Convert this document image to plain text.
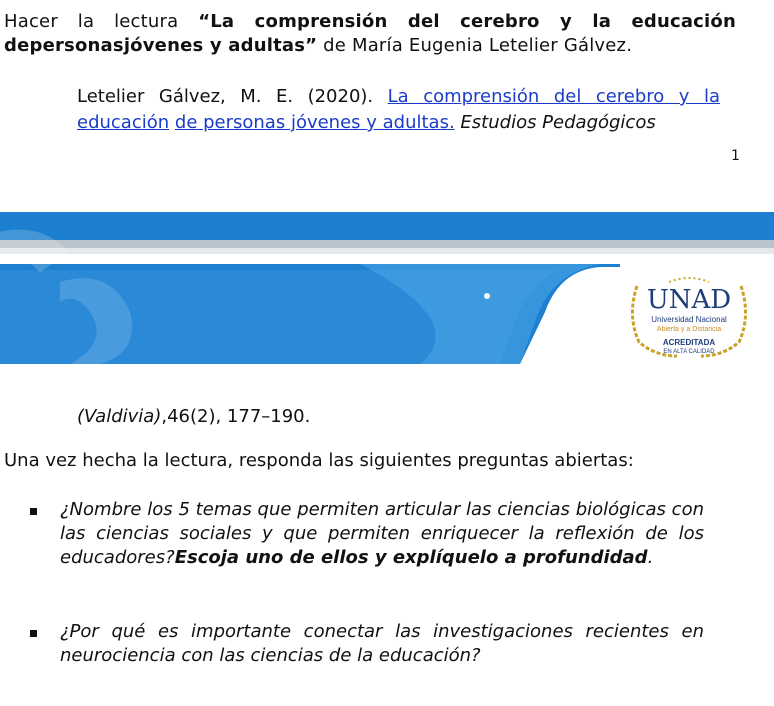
Hacer la lectura “La comprensión del cerebro y la educación depersonasjóvenes y adultas” de María Eugenia Letelier Gálvez.
Letelier Gálvez, M. E. (2020). La comprensión del cerebro y la educación de personas jóvenes y adultas. Estudios Pedagógicos
1
UNAD
Universidad Nacional
Abierta y a Distancia
ACREDITADA
EN ALTA CALIDAD
(Valdivia),46(2), 177–190.
Una vez hecha la lectura, responda las siguientes preguntas abiertas:
¿Nombre los 5 temas que permiten articular las ciencias biológicas con las ciencias sociales y que permiten enriquecer la reflexión de los educadores?Escoja uno de ellos y explíquelo a profundidad.
¿Por qué es importante conectar las investigaciones recientes en neurociencia con las ciencias de la educación?
